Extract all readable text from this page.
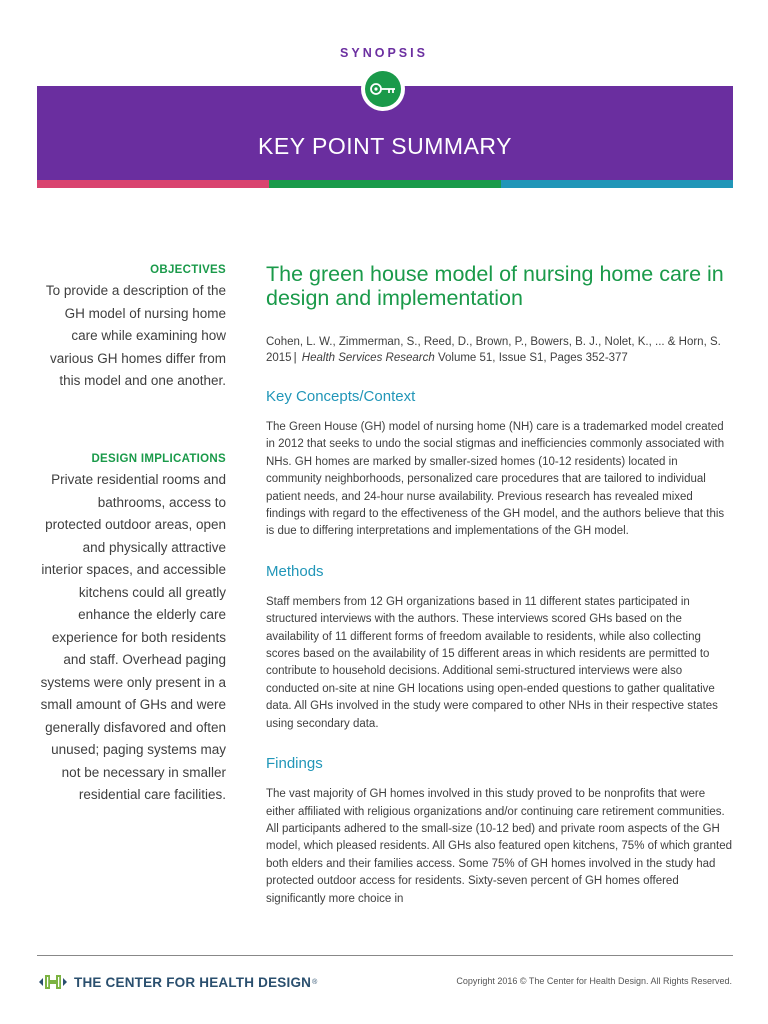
SYNOPSIS
KEY POINT SUMMARY
OBJECTIVES
To provide a description of the GH model of nursing home care while examining how various GH homes differ from this model and one another.
DESIGN IMPLICATIONS
Private residential rooms and bathrooms, access to protected outdoor areas, open and physically attractive interior spaces, and accessible kitchens could all greatly enhance the elderly care experience for both residents and staff. Overhead paging systems were only present in a small amount of GHs and were generally disfavored and often unused; paging systems may not be necessary in smaller residential care facilities.
The green house model of nursing home care in design and implementation
Cohen, L. W., Zimmerman, S., Reed, D., Brown, P., Bowers, B. J., Nolet, K., ... & Horn, S. 2015 | Health Services Research Volume 51, Issue S1, Pages 352-377
Key Concepts/Context

The Green House (GH) model of nursing home (NH) care is a trademarked model created in 2012 that seeks to undo the social stigmas and inefficiencies commonly associated with NHs. GH homes are marked by smaller-sized homes (10-12 residents) located in community neighborhoods, personalized care procedures that are tailored to individual patient needs, and 24-hour nurse availability. Previous research has revealed mixed findings with regard to the effectiveness of the GH model, and the authors believe that this is due to differing interpretations and implementations of the GH model.

Methods

Staff members from 12 GH organizations based in 11 different states participated in structured interviews with the authors. These interviews scored GHs based on the availability of 11 different forms of freedom available to residents, while also collecting scores based on the availability of 15 different areas in which residents are permitted to contribute to household decisions. Additional semi-structured interviews were also conducted on-site at nine GH locations using open-ended questions to gather qualitative data. All GHs involved in the study were compared to other NHs in their respective states using secondary data.

Findings

The vast majority of GH homes involved in this study proved to be nonprofits that were either affiliated with religious organizations and/or continuing care retirement communities. All participants adhered to the small-size (10-12 bed) and private room aspects of the GH model, which pleased residents. All GHs also featured open kitchens, 75% of which granted both elders and their families access. Some 75% of GH homes involved in the study had protected outdoor access for residents. Sixty-seven percent of GH homes offered significantly more choice in

THE CENTER FOR HEALTH DESIGN ®	Copyright 2016 © The Center for Health Design. All Rights Reserved.
